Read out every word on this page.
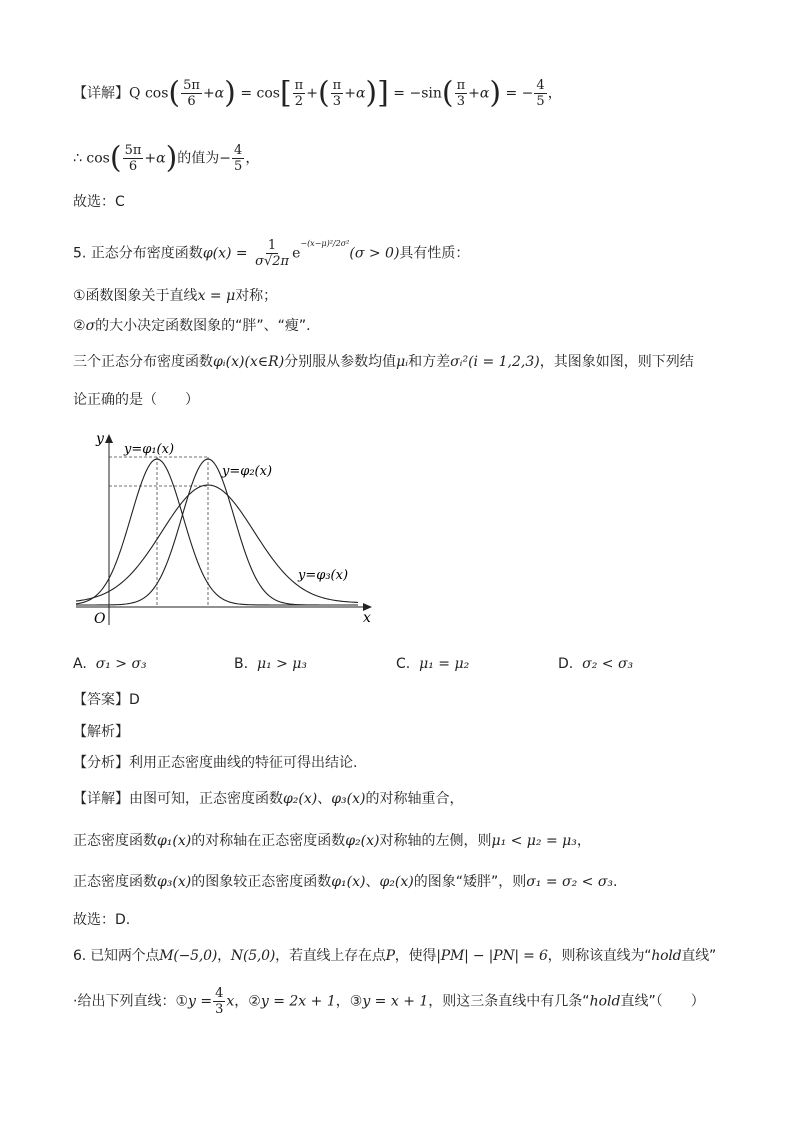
【详解】Q $\cos( \frac{5\pi}{6} +\alpha) = \cos[ \frac{\pi}{2}$ +( $\frac{\pi}{3} +\alpha)] = -\sin( \frac{\pi}{3} +\alpha)$ = − $\frac{4}{5}$ ，
∴ $\cos( \frac{5\pi}{6} +\alpha)$的值为− $\frac{4}{5}$ ，
故选：C
5. 正态分布密度函数$\varphi(x) = \frac{1}{\sigma√2\pi} e^{-(x-\mu)^2/2\sigma^2}(\sigma > 0)$具有性质：
①函数图象关于直线x = μ对称；
②σ的大小决定函数图象的“胖”、“瘦”.
三个正态分布密度函数φᵢ(x)(x∈R)分别服从参数均值μᵢ和方差σᵢ²(i = 1,2,3)，其图象如图，则下列结
论正确的是（　　）
y
x
O
y=φ₁(x)
y=φ₂(x)
y=φ₃(x)
A. σ₁ > σ₃	B. μ₁ > μ₃	C. μ₁ = μ₂	D. σ₂ < σ₃
【答案】D
【解析】
【分析】利用正态密度曲线的特征可得出结论.
【详解】由图可知，正态密度函数φ₂(x)、φ₃(x)的对称轴重合，
正态密度函数φ₁(x)的对称轴在正态密度函数φ₂(x)对称轴的左侧，则μ₁ < μ₂ = μ₃，
正态密度函数φ₃(x)的图象较正态密度函数φ₁(x)、φ₂(x)的图象“矮胖”，则σ₁ = σ₂ < σ₃.
故选：D.
6. 已知两个点M(−5,0)，N(5,0)，若直线上存在点P，使得|PM| − |PN| = 6，则称该直线为“hold直线”
·给出下列直线：①y = $\frac{4}{3}$ x，②y = 2x + 1，③y = x + 1，则这三条直线中有几条“hold直线”（　　）
